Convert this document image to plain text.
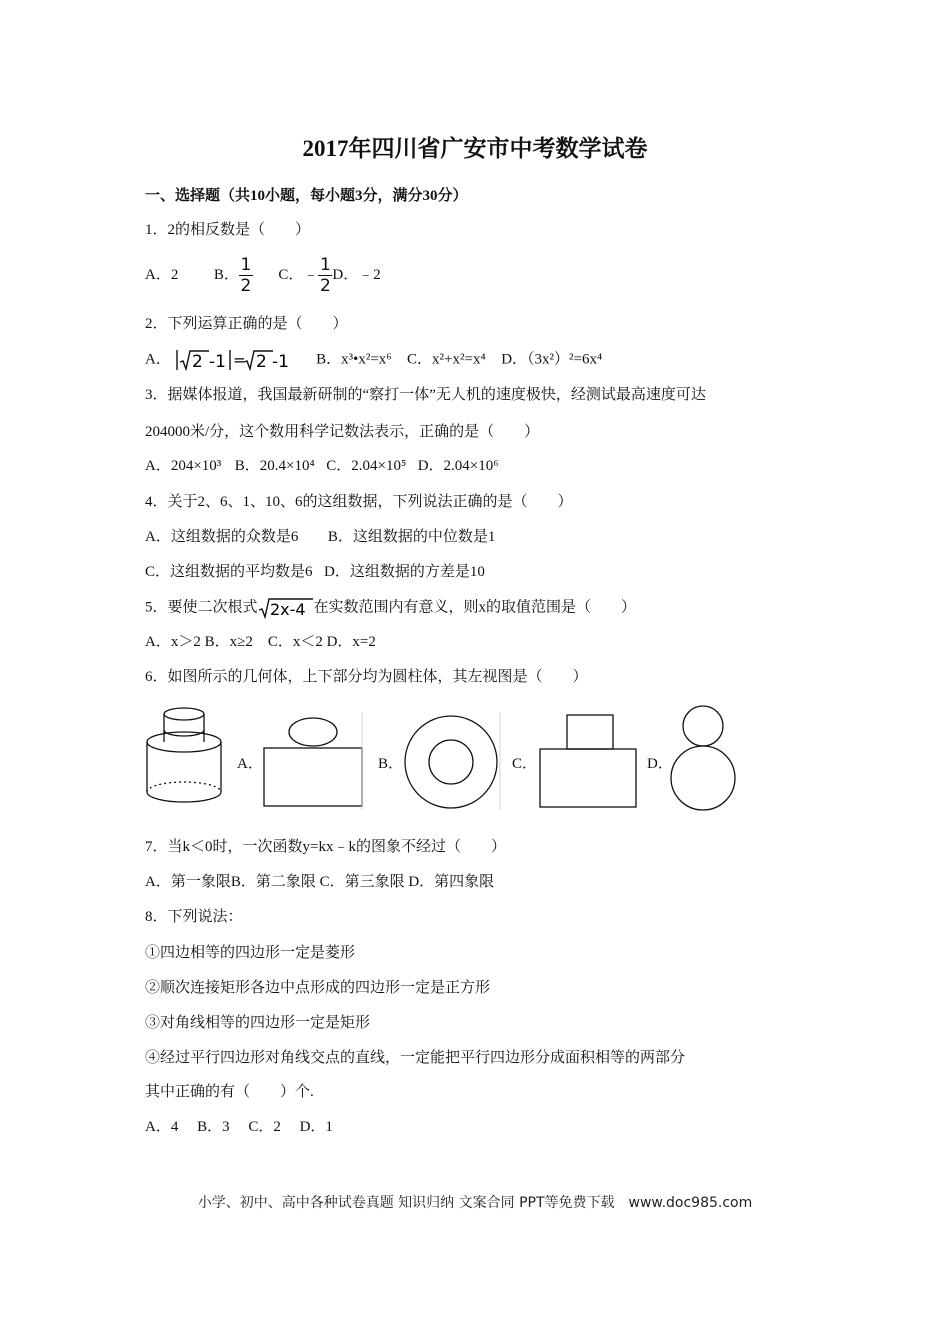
2017年四川省广安市中考数学试卷
一、选择题（共10小题，每小题3分，满分30分）
1．2的相反数是（　　）
A．2 B． $\frac{1}{2}$ C．﹣ $\frac{1}{2}$ D．﹣2
2．下列运算正确的是（　　）
A． 2 -1 = 2 -1 B．x³•x²=x⁶ C．x²+x²=x⁴ D．（3x²）²=6x⁴
3．据媒体报道，我国最新研制的“察打一体”无人机的速度极快，经测试最高速度可达
204000米/分，这个数用科学记数法表示，正确的是（　　）
A．204×10³ B．20.4×10⁴ C．2.04×10⁵ D．2.04×10⁶
4．关于2、6、1、10、6的这组数据，下列说法正确的是（　　）
A．这组数据的众数是6 B．这组数据的中位数是1
C．这组数据的平均数是6 D．这组数据的方差是10
5．要使二次根式 2x-4 在实数范围内有意义，则x的取值范围是（　　）
A．x＞2 B．x≥2　C．x＜2 D．x=2
6．如图所示的几何体，上下部分均为圆柱体，其左视图是（　　）
A．	B．	C．	D．
7．当k＜0时，一次函数y=kx﹣k的图象不经过（　　）
A．第一象限B．第二象限 C．第三象限 D．第四象限
8．下列说法：
①四边相等的四边形一定是菱形
②顺次连接矩形各边中点形成的四边形一定是正方形
③对角线相等的四边形一定是矩形
④经过平行四边形对角线交点的直线，一定能把平行四边形分成面积相等的两部分
其中正确的有（　　）个.
A．4　 B．3　 C．2　 D．1
小学、初中、高中各种试卷真题 知识归纳 文案合同 PPT等免费下载　www.doc985.com
